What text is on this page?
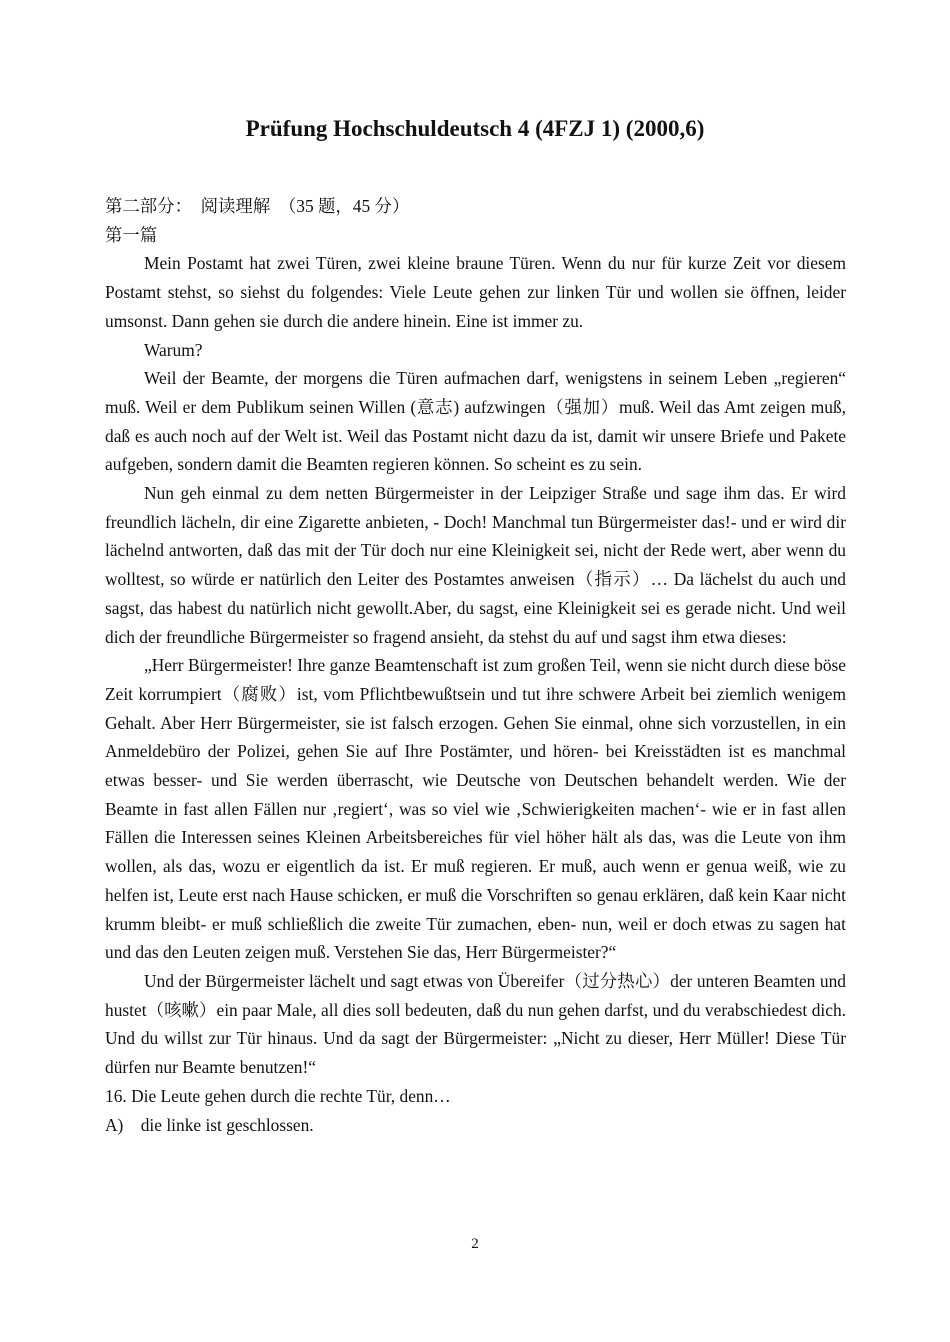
Prüfung Hochschuldeutsch 4 (4FZJ 1) (2000,6)

第二部分：　阅读理解　（35 题，45 分）

第一篇

Mein Postamt hat zwei Türen, zwei kleine braune Türen. Wenn du nur für kurze Zeit vor diesem Postamt stehst, so siehst du folgendes: Viele Leute gehen zur linken Tür und wollen sie öffnen, leider umsonst. Dann gehen sie durch die andere hinein. Eine ist immer zu.

Warum?

Weil der Beamte, der morgens die Türen aufmachen darf, wenigstens in seinem Leben „regieren“ muß. Weil er dem Publikum seinen Willen (意志) aufzwingen（强加）muß. Weil das Amt zeigen muß, daß es auch noch auf der Welt ist. Weil das Postamt nicht dazu da ist, damit wir unsere Briefe und Pakete aufgeben, sondern damit die Beamten regieren können. So scheint es zu sein.

Nun geh einmal zu dem netten Bürgermeister in der Leipziger Straße und sage ihm das. Er wird freundlich lächeln, dir eine Zigarette anbieten, - Doch! Manchmal tun Bürgermeister das!- und er wird dir lächelnd antworten, daß das mit der Tür doch nur eine Kleinigkeit sei, nicht der Rede wert, aber wenn du wolltest, so würde er natürlich den Leiter des Postamtes anweisen（指示）… Da lächelst du auch und sagst, das habest du natürlich nicht gewollt.Aber, du sagst, eine Kleinigkeit sei es gerade nicht. Und weil dich der freundliche Bürgermeister so fragend ansieht, da stehst du auf und sagst ihm etwa dieses:

„Herr Bürgermeister! Ihre ganze Beamtenschaft ist zum großen Teil, wenn sie nicht durch diese böse Zeit korrumpiert（腐败）ist, vom Pflichtbewußtsein und tut ihre schwere Arbeit bei ziemlich wenigem Gehalt. Aber Herr Bürgermeister, sie ist falsch erzogen. Gehen Sie einmal, ohne sich vorzustellen, in ein Anmeldebüro der Polizei, gehen Sie auf Ihre Postämter, und hören- bei Kreisstädten ist es manchmal etwas besser- und Sie werden überrascht, wie Deutsche von Deutschen behandelt werden. Wie der Beamte in fast allen Fällen nur ‚regiert‘, was so viel wie ‚Schwierigkeiten machen‘- wie er in fast allen Fällen die Interessen seines Kleinen Arbeitsbereiches für viel höher hält als das, was die Leute von ihm wollen, als das, wozu er eigentlich da ist. Er muß regieren. Er muß, auch wenn er genua weiß, wie zu helfen ist, Leute erst nach Hause schicken, er muß die Vorschriften so genau erklären, daß kein Kaar nicht krumm bleibt- er muß schließlich die zweite Tür zumachen, eben- nun, weil er doch etwas zu sagen hat und das den Leuten zeigen muß. Verstehen Sie das, Herr Bürgermeister?“

Und der Bürgermeister lächelt und sagt etwas von Übereifer（过分热心）der unteren Beamten und hustet（咳嗽）ein paar Male, all dies soll bedeuten, daß du nun gehen darfst, und du verabschiedest dich. Und du willst zur Tür hinaus. Und da sagt der Bürgermeister: „Nicht zu dieser, Herr Müller! Diese Tür dürfen nur Beamte benutzen!“

16. Die Leute gehen durch die rechte Tür, denn…

A)　die linke ist geschlossen.

2
